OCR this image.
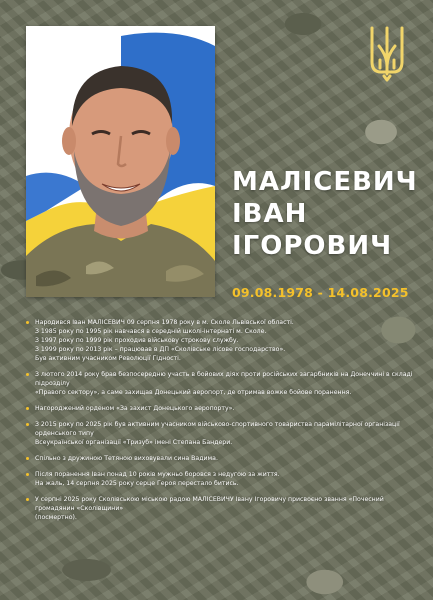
МАЛІСЕВИЧ
ІВАН
ІГОРОВИЧ
09.08.1978 - 14.08.2025
Народився Іван МАЛІСЕВИЧ 09 серпня 1978 року в м. Сколе Львівської області.
З 1985 року по 1995 рік навчався в середній школі-інтернаті м. Сколе.
З 1997 року по 1999 рік проходив військову строкову службу.
З 1999 року по 2013 рік – працював в ДП «Сколівське лісове господарство».
Був активним учасником Революції Гідності.
З лютого 2014 року брав безпосередню участь в бойових діях проти російських загарбників на Донеччині в складі підрозділу
«Правого сектору», а саме захищав Донецький аеропорт, де отримав вожке бойове поранення.
Нагороджений орденом «За захист Донецького аеропорту».
З 2015 року по 2025 рік був активним учасником військово-спортивного товариства парамілітарної організації орденського типу
Всеукраїнської організації «Тризуб» імені Степана Бандери.
Спільно з дружиною Тетяною виховували сина Вадима.
Після поранення Іван понад 10 років мужньо боровся з недугою за життя.
На жаль, 14 серпня 2025 року серце Героя перестало битись.
У серпні 2025 року Сколівською міською радою МАЛІСЕВИЧУ Івану Ігоровичу присвоєно звання «Почесний громадянин «Сколівщини»
(посмертно).
